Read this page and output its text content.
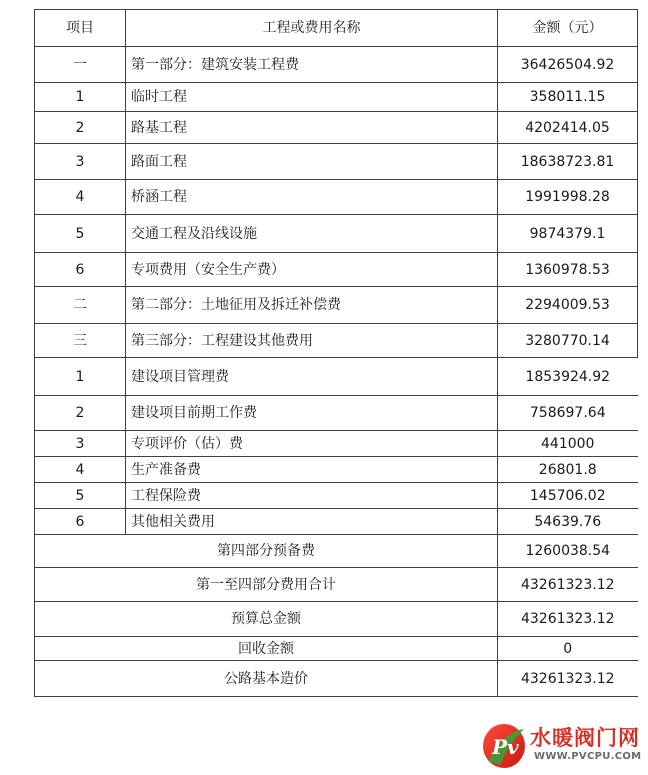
项目	工程或费用名称	金额（元）
一	第一部分：建筑安装工程费	36426504.92
1	临时工程	358011.15
2	路基工程	4202414.05
3	路面工程	18638723.81
4	桥涵工程	1991998.28
5	交通工程及沿线设施	9874379.1
6	专项费用（安全生产费）	1360978.53
二	第二部分：土地征用及拆迁补偿费	2294009.53
三	第三部分：工程建设其他费用	3280770.14
1	建设项目管理费	1853924.92
2	建设项目前期工作费	758697.64
3	专项评价（估）费	441000
4	生产准备费	26801.8
5	工程保险费	145706.02
6	其他相关费用	54639.76
第四部分预备费		1260038.54
第一至四部分费用合计		43261323.12
预算总金额		43261323.12
回收金额		0
公路基本造价		43261323.12
Pv 水暖阀门网
WWW.PVCPU.COM
